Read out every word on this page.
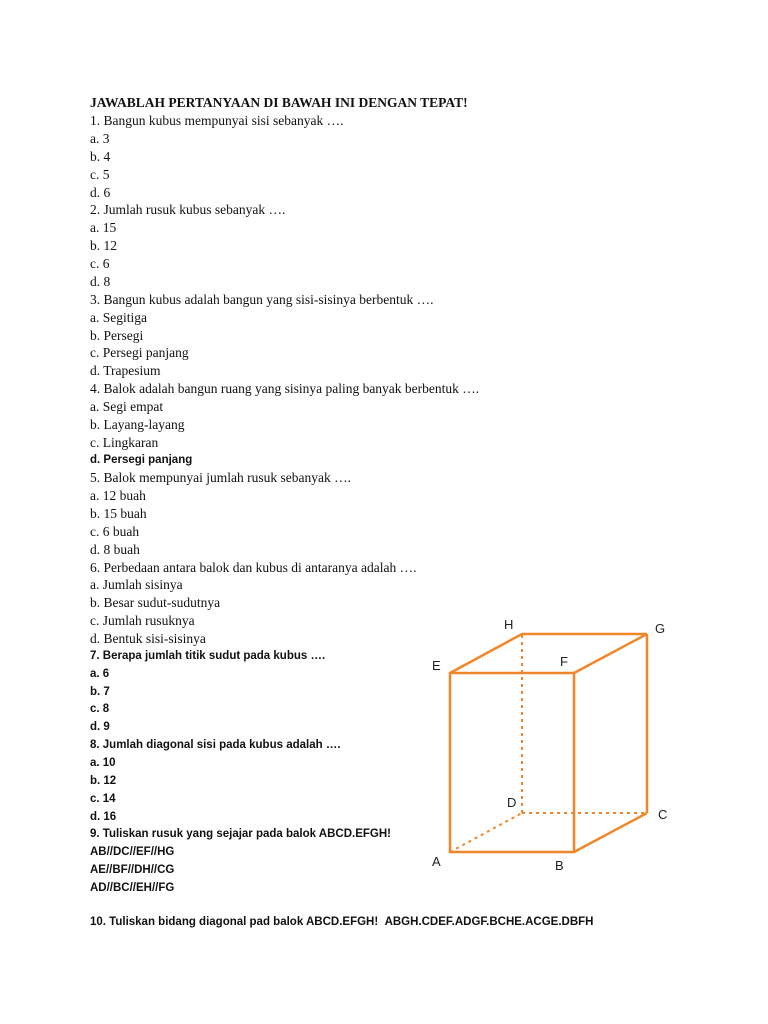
JAWABLAH PERTANYAAN DI BAWAH INI DENGAN TEPAT!
1. Bangun kubus mempunyai sisi sebanyak ….
a. 3
b. 4
c. 5
d. 6
2. Jumlah rusuk kubus sebanyak ….
a. 15
b. 12
c. 6
d. 8
3. Bangun kubus adalah bangun yang sisi-sisinya berbentuk ….
a. Segitiga
b. Persegi
c. Persegi panjang
d. Trapesium
4. Balok adalah bangun ruang yang sisinya paling banyak berbentuk ….
a. Segi empat
b. Layang-layang
c. Lingkaran
d. Persegi panjang
5. Balok mempunyai jumlah rusuk sebanyak ….
a. 12 buah
b. 15 buah
c. 6 buah
d. 8 buah
6. Perbedaan antara balok dan kubus di antaranya adalah ….
a. Jumlah sisinya
b. Besar sudut-sudutnya
c. Jumlah rusuknya
d. Bentuk sisi-sisinya
7. Berapa jumlah titik sudut pada kubus ….
a. 6
b. 7
c. 8
d. 9
8. Jumlah diagonal sisi pada kubus adalah ….
a. 10
b. 12
c. 14
d. 16
9. Tuliskan rusuk yang sejajar pada balok ABCD.EFGH!
AB//DC//EF//HG
AE//BF//DH//CG
AD//BC//EH//FG
10. Tuliskan bidang diagonal pad balok ABCD.EFGH! ABGH.CDEF.ADGF.BCHE.ACGE.DBFH
H	G
E	F
D
C
A	B
